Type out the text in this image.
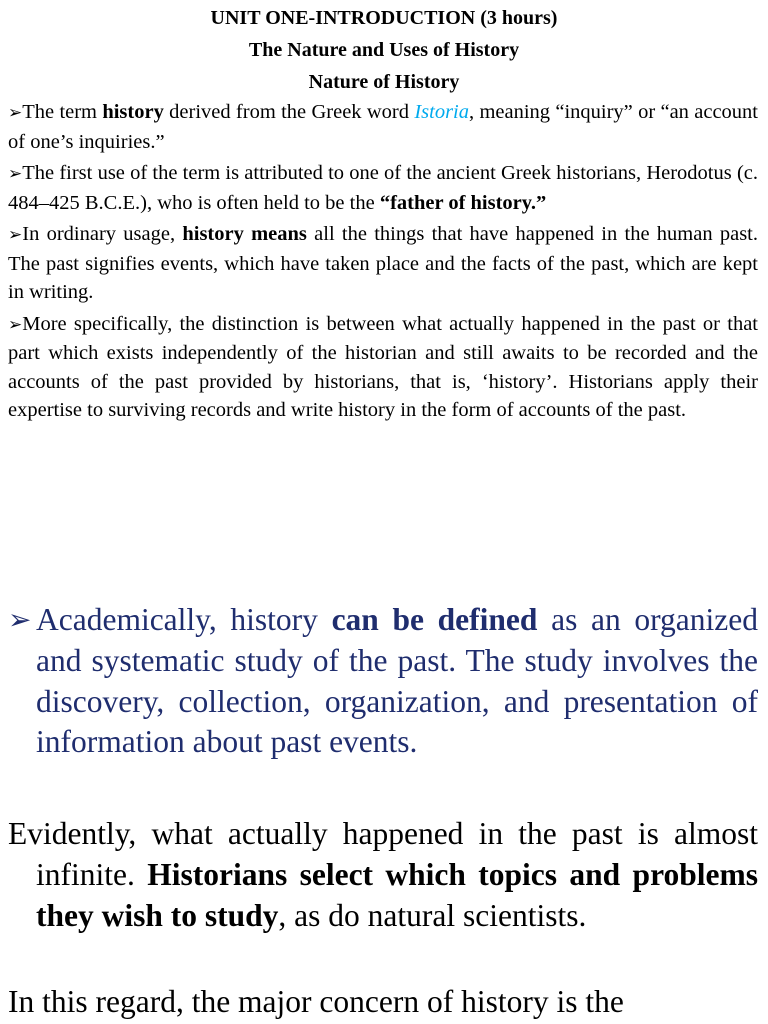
UNIT ONE-INTRODUCTION (3 hours)
The Nature and Uses of History
Nature of History

➢The term history derived from the Greek word Istoria, meaning “inquiry” or “an account of one’s inquiries.”

➢The first use of the term is attributed to one of the ancient Greek historians, Herodotus (c. 484–425 B.C.E.), who is often held to be the “father of history.”

➢In ordinary usage, history means all the things that have happened in the human past. The past signifies events, which have taken place and the facts of the past, which are kept in writing.

➢More specifically, the distinction is between what actually happened in the past or that part which exists independently of the historian and still awaits to be recorded and the accounts of the past provided by historians, that is, ‘history’. Historians apply their expertise to surviving records and write history in the form of accounts of the past.

➢ Academically, history can be defined as an organized and systematic study of the past. The study involves the discovery, collection, organization, and presentation of information about past events.
Evidently, what actually happened in the past is almost infinite. Historians select which topics and problems they wish to study, as do natural scientists.
In this regard, the major concern of history is the
